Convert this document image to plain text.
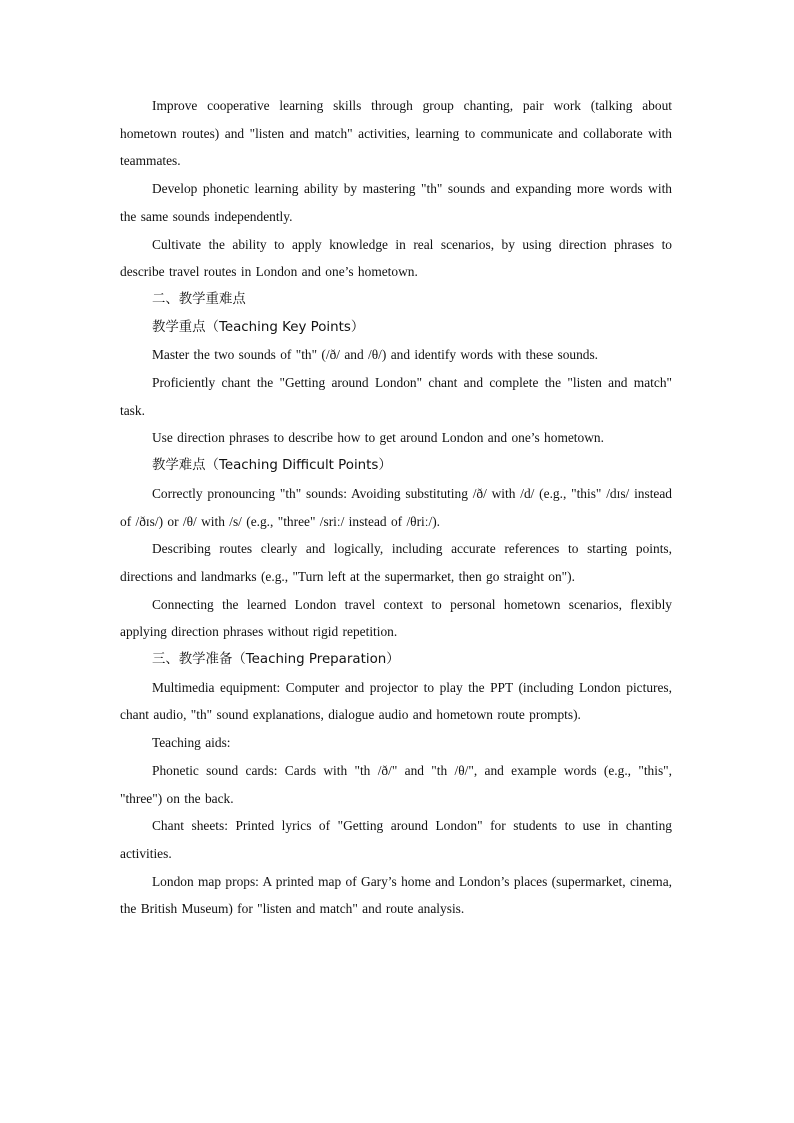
Improve cooperative learning skills through group chanting, pair work (talking about hometown routes) and "listen and match" activities, learning to communicate and collaborate with teammates.

Develop phonetic learning ability by mastering "th" sounds and expanding more words with the same sounds independently.

Cultivate the ability to apply knowledge in real scenarios, by using direction phrases to describe travel routes in London and one’s hometown.

二、教学重难点

教学重点（Teaching Key Points）

Master the two sounds of "th" (/ð/ and /θ/) and identify words with these sounds.

Proficiently chant the "Getting around London" chant and complete the "listen and match" task.

Use direction phrases to describe how to get around London and one’s hometown.

教学难点（Teaching Difficult Points）

Correctly pronouncing "th" sounds: Avoiding substituting /ð/ with /d/ (e.g., "this" /dɪs/ instead of /ðɪs/) or /θ/ with /s/ (e.g., "three" /sriː/ instead of /θriː/).

Describing routes clearly and logically, including accurate references to starting points, directions and landmarks (e.g., "Turn left at the supermarket, then go straight on").

Connecting the learned London travel context to personal hometown scenarios, flexibly applying direction phrases without rigid repetition.

三、教学准备（Teaching Preparation）

Multimedia equipment: Computer and projector to play the PPT (including London pictures, chant audio, "th" sound explanations, dialogue audio and hometown route prompts).

Teaching aids:

Phonetic sound cards: Cards with "th /ð/" and "th /θ/", and example words (e.g., "this", "three") on the back.

Chant sheets: Printed lyrics of "Getting around London" for students to use in chanting activities.

London map props: A printed map of Gary’s home and London’s places (supermarket, cinema, the British Museum) for "listen and match" and route analysis.
